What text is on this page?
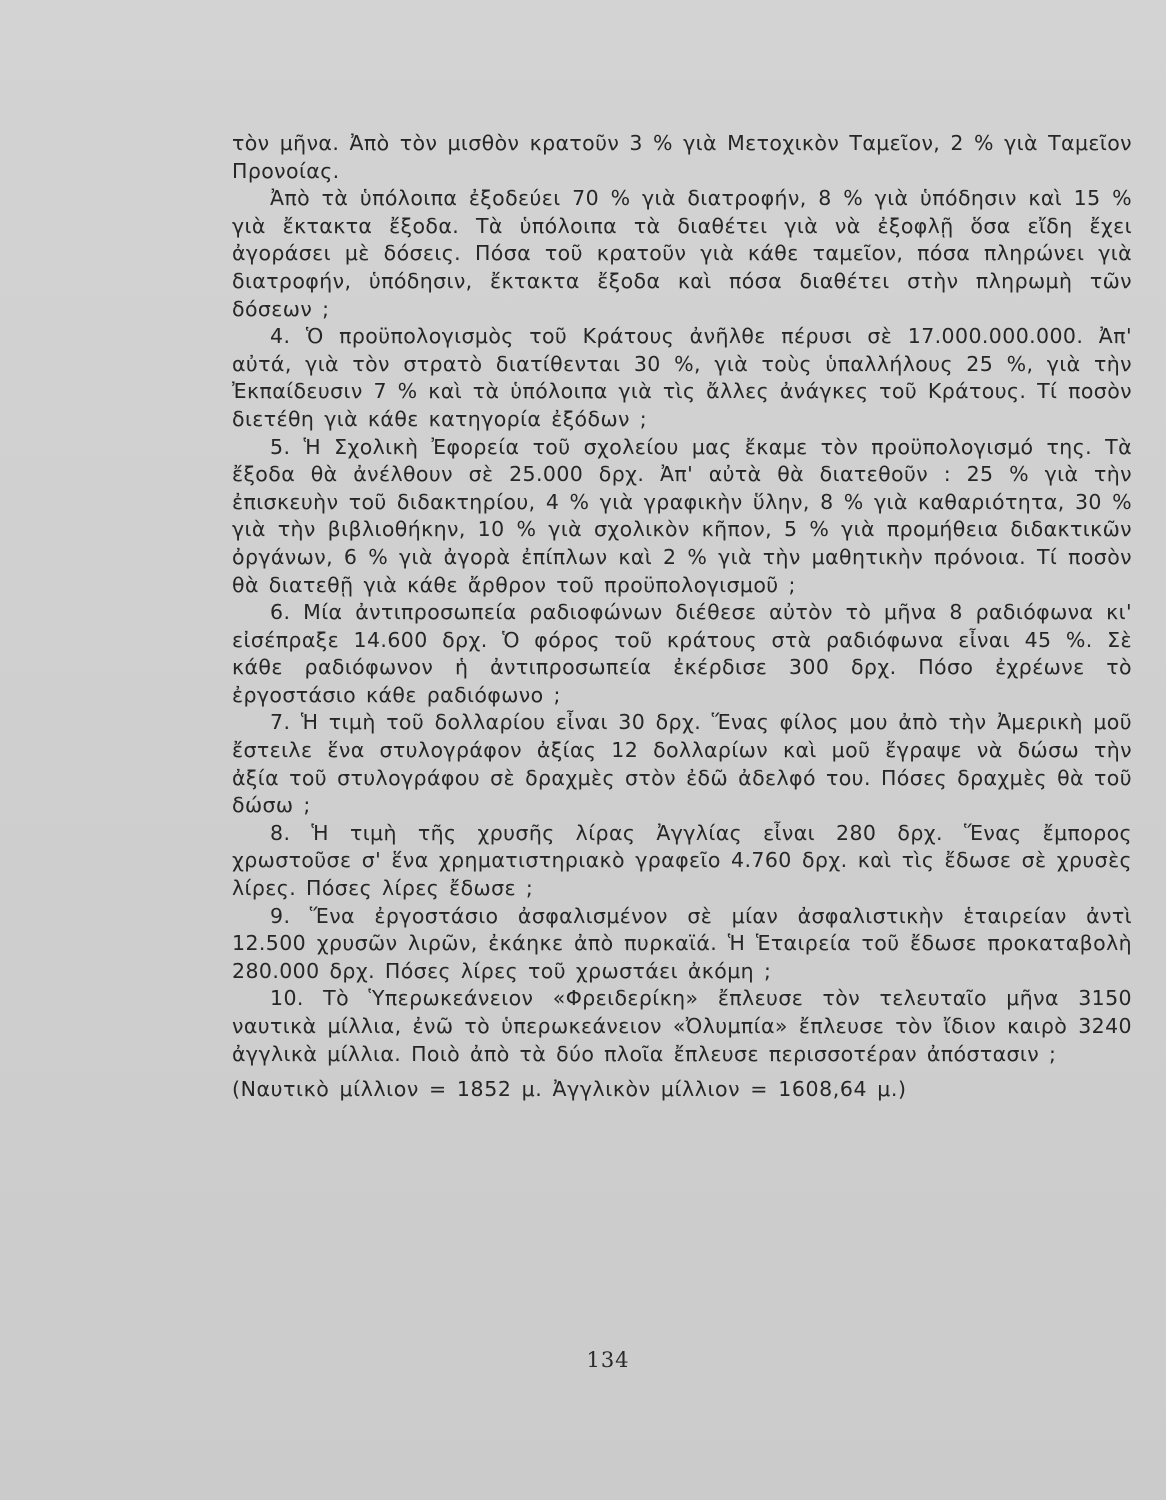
τὸν μῆνα. Ἀπὸ τὸν μισθὸν κρατοῦν 3 % γιὰ Μετοχικὸν Ταμεῖον, 2 % γιὰ Ταμεῖον Προνοίας.

Ἀπὸ τὰ ὑπόλοιπα ἐξοδεύει 70 % γιὰ διατροφήν, 8 % γιὰ ὑπόδησιν καὶ 15 % γιὰ ἔκτακτα ἔξοδα. Τὰ ὑπόλοιπα τὰ διαθέτει γιὰ νὰ ἐξοφλῇ ὅσα εἴδη ἔχει ἀγοράσει μὲ δόσεις. Πόσα τοῦ κρατοῦν γιὰ κάθε ταμεῖον, πόσα πληρώνει γιὰ διατροφήν, ὑπόδησιν, ἔκτακτα ἔξοδα καὶ πόσα διαθέτει στὴν πληρωμὴ τῶν δόσεων ;

4. Ὁ προϋπολογισμὸς τοῦ Κράτους ἀνῆλθε πέρυσι σὲ 17.000.000.000. Ἀπ' αὐτά, γιὰ τὸν στρατὸ διατίθενται 30 %, γιὰ τοὺς ὑπαλλήλους 25 %, γιὰ τὴν Ἐκπαίδευσιν 7 % καὶ τὰ ὑπόλοιπα γιὰ τὶς ἄλλες ἀνάγκες τοῦ Κράτους. Τί ποσὸν διετέθη γιὰ κάθε κατηγορία ἐξόδων ;

5. Ἡ Σχολικὴ Ἐφορεία τοῦ σχολείου μας ἔκαμε τὸν προϋπολογισμό της. Τὰ ἔξοδα θὰ ἀνέλθουν σὲ 25.000 δρχ. Ἀπ' αὐτὰ θὰ διατεθοῦν : 25 % γιὰ τὴν ἐπισκευὴν τοῦ διδακτηρίου, 4 % γιὰ γραφικὴν ὕλην, 8 % γιὰ καθαριότητα, 30 % γιὰ τὴν βιβλιοθήκην, 10 % γιὰ σχολικὸν κῆπον, 5 % γιὰ προμήθεια διδακτικῶν ὀργάνων, 6 % γιὰ ἀγορὰ ἐπίπλων καὶ 2 % γιὰ τὴν μαθητικὴν πρόνοια. Τί ποσὸν θὰ διατεθῇ γιὰ κάθε ἄρθρον τοῦ προϋπολογισμοῦ ;

6. Μία ἀντιπροσωπεία ραδιοφώνων διέθεσε αὐτὸν τὸ μῆνα 8 ραδιόφωνα κι' εἰσέπραξε 14.600 δρχ. Ὁ φόρος τοῦ κράτους στὰ ραδιόφωνα εἶναι 45 %. Σὲ κάθε ραδιόφωνον ἡ ἀντιπροσωπεία ἐκέρδισε 300 δρχ. Πόσο ἐχρέωνε τὸ ἐργοστάσιο κάθε ραδιόφωνο ;

7. Ἡ τιμὴ τοῦ δολλαρίου εἶναι 30 δρχ. Ἕνας φίλος μου ἀπὸ τὴν Ἀμερικὴ μοῦ ἔστειλε ἕνα στυλογράφον ἀξίας 12 δολλαρίων καὶ μοῦ ἔγραψε νὰ δώσω τὴν ἀξία τοῦ στυλογράφου σὲ δραχμὲς στὸν ἐδῶ ἀδελφό του. Πόσες δραχμὲς θὰ τοῦ δώσω ;

8. Ἡ τιμὴ τῆς χρυσῆς λίρας Ἀγγλίας εἶναι 280 δρχ. Ἕνας ἔμπορος χρωστοῦσε σ' ἕνα χρηματιστηριακὸ γραφεῖο 4.760 δρχ. καὶ τὶς ἔδωσε σὲ χρυσὲς λίρες. Πόσες λίρες ἔδωσε ;

9. Ἕνα ἐργοστάσιο ἀσφαλισμένον σὲ μίαν ἀσφαλιστικὴν ἑταιρείαν ἀντὶ 12.500 χρυσῶν λιρῶν, ἐκάηκε ἀπὸ πυρκαϊά. Ἡ Ἑταιρεία τοῦ ἔδωσε προκαταβολὴ 280.000 δρχ. Πόσες λίρες τοῦ χρωστάει ἀκόμη ;

10. Τὸ Ὑπερωκεάνειον «Φρειδερίκη» ἔπλευσε τὸν τελευταῖο μῆνα 3150 ναυτικὰ μίλλια, ἐνῶ τὸ ὑπερωκεάνειον «Ὀλυμπία» ἔπλευσε τὸν ἴδιον καιρὸ 3240 ἀγγλικὰ μίλλια. Ποιὸ ἀπὸ τὰ δύο πλοῖα ἔπλευσε περισσοτέραν ἀπόστασιν ;

(Ναυτικὸ μίλλιον = 1852 μ. Ἀγγλικὸν μίλλιον = 1608,64 μ.)

134
